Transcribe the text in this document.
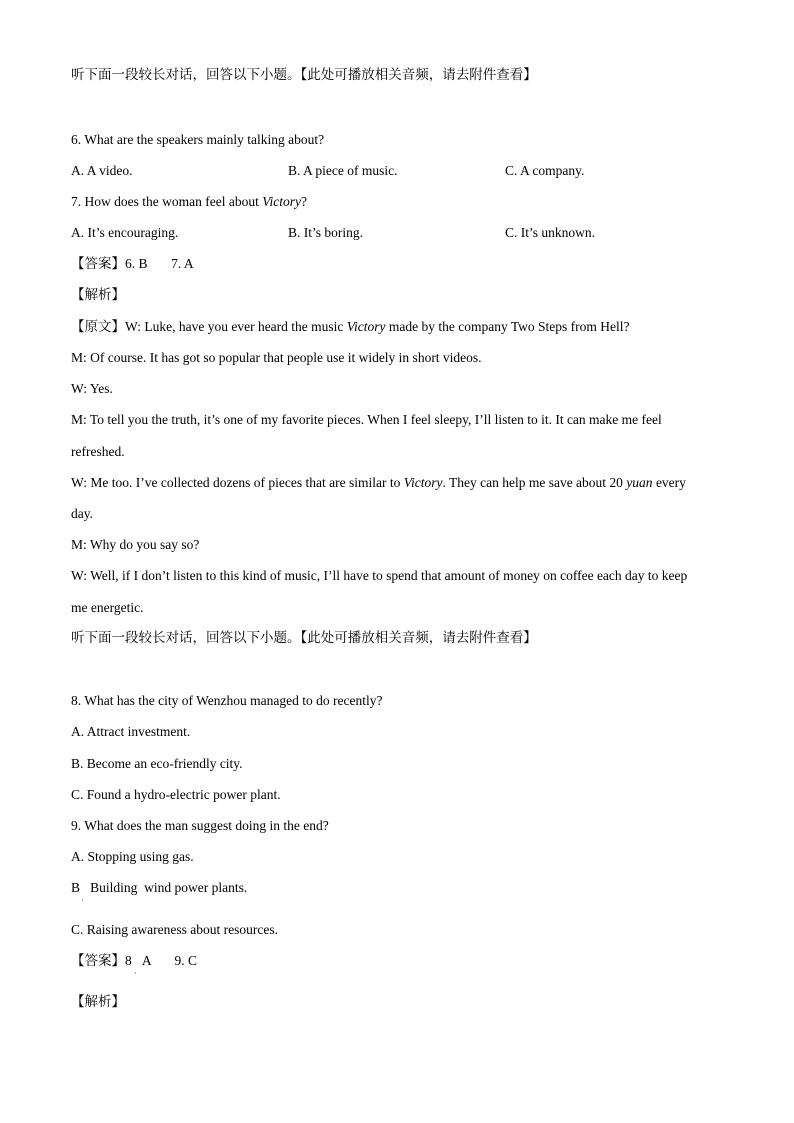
听下面一段较长对话，回答以下小题。【此处可播放相关音频，请去附件查看】
6. What are the speakers mainly talking about?
A. A video.	B. A piece of music.	C. A company.
7. How does the woman feel about Victory?
A. It’s encouraging.	B. It’s boring.	C. It’s unknown.
【答案】6. B       7. A
【解析】
【原文】W: Luke, have you ever heard the music Victory made by the company Two Steps from Hell?
M: Of course. It has got so popular that people use it widely in short videos.
W: Yes.
M: To tell you the truth, it’s one of my favorite pieces. When I feel sleepy, I’ll listen to it. It can make me feel
refreshed.
W: Me too. I’ve collected dozens of pieces that are similar to Victory. They can help me save about 20 yuan every
day.
M: Why do you say so?
W: Well, if I don’t listen to this kind of music, I’ll have to spend that amount of money on coffee each day to keep
me energetic.
听下面一段较长对话，回答以下小题。【此处可播放相关音频，请去附件查看】
8. What has the city of Wenzhou managed to do recently?
A. Attract investment.
B. Become an eco-friendly city.
C. Found a hydro-electric power plant.
9. What does the man suggest doing in the end?
A. Stopping using gas.
B   Building  wind power plants.
·
C. Raising awareness about resources.
【答案】8   A       9. C
·
【解析】
